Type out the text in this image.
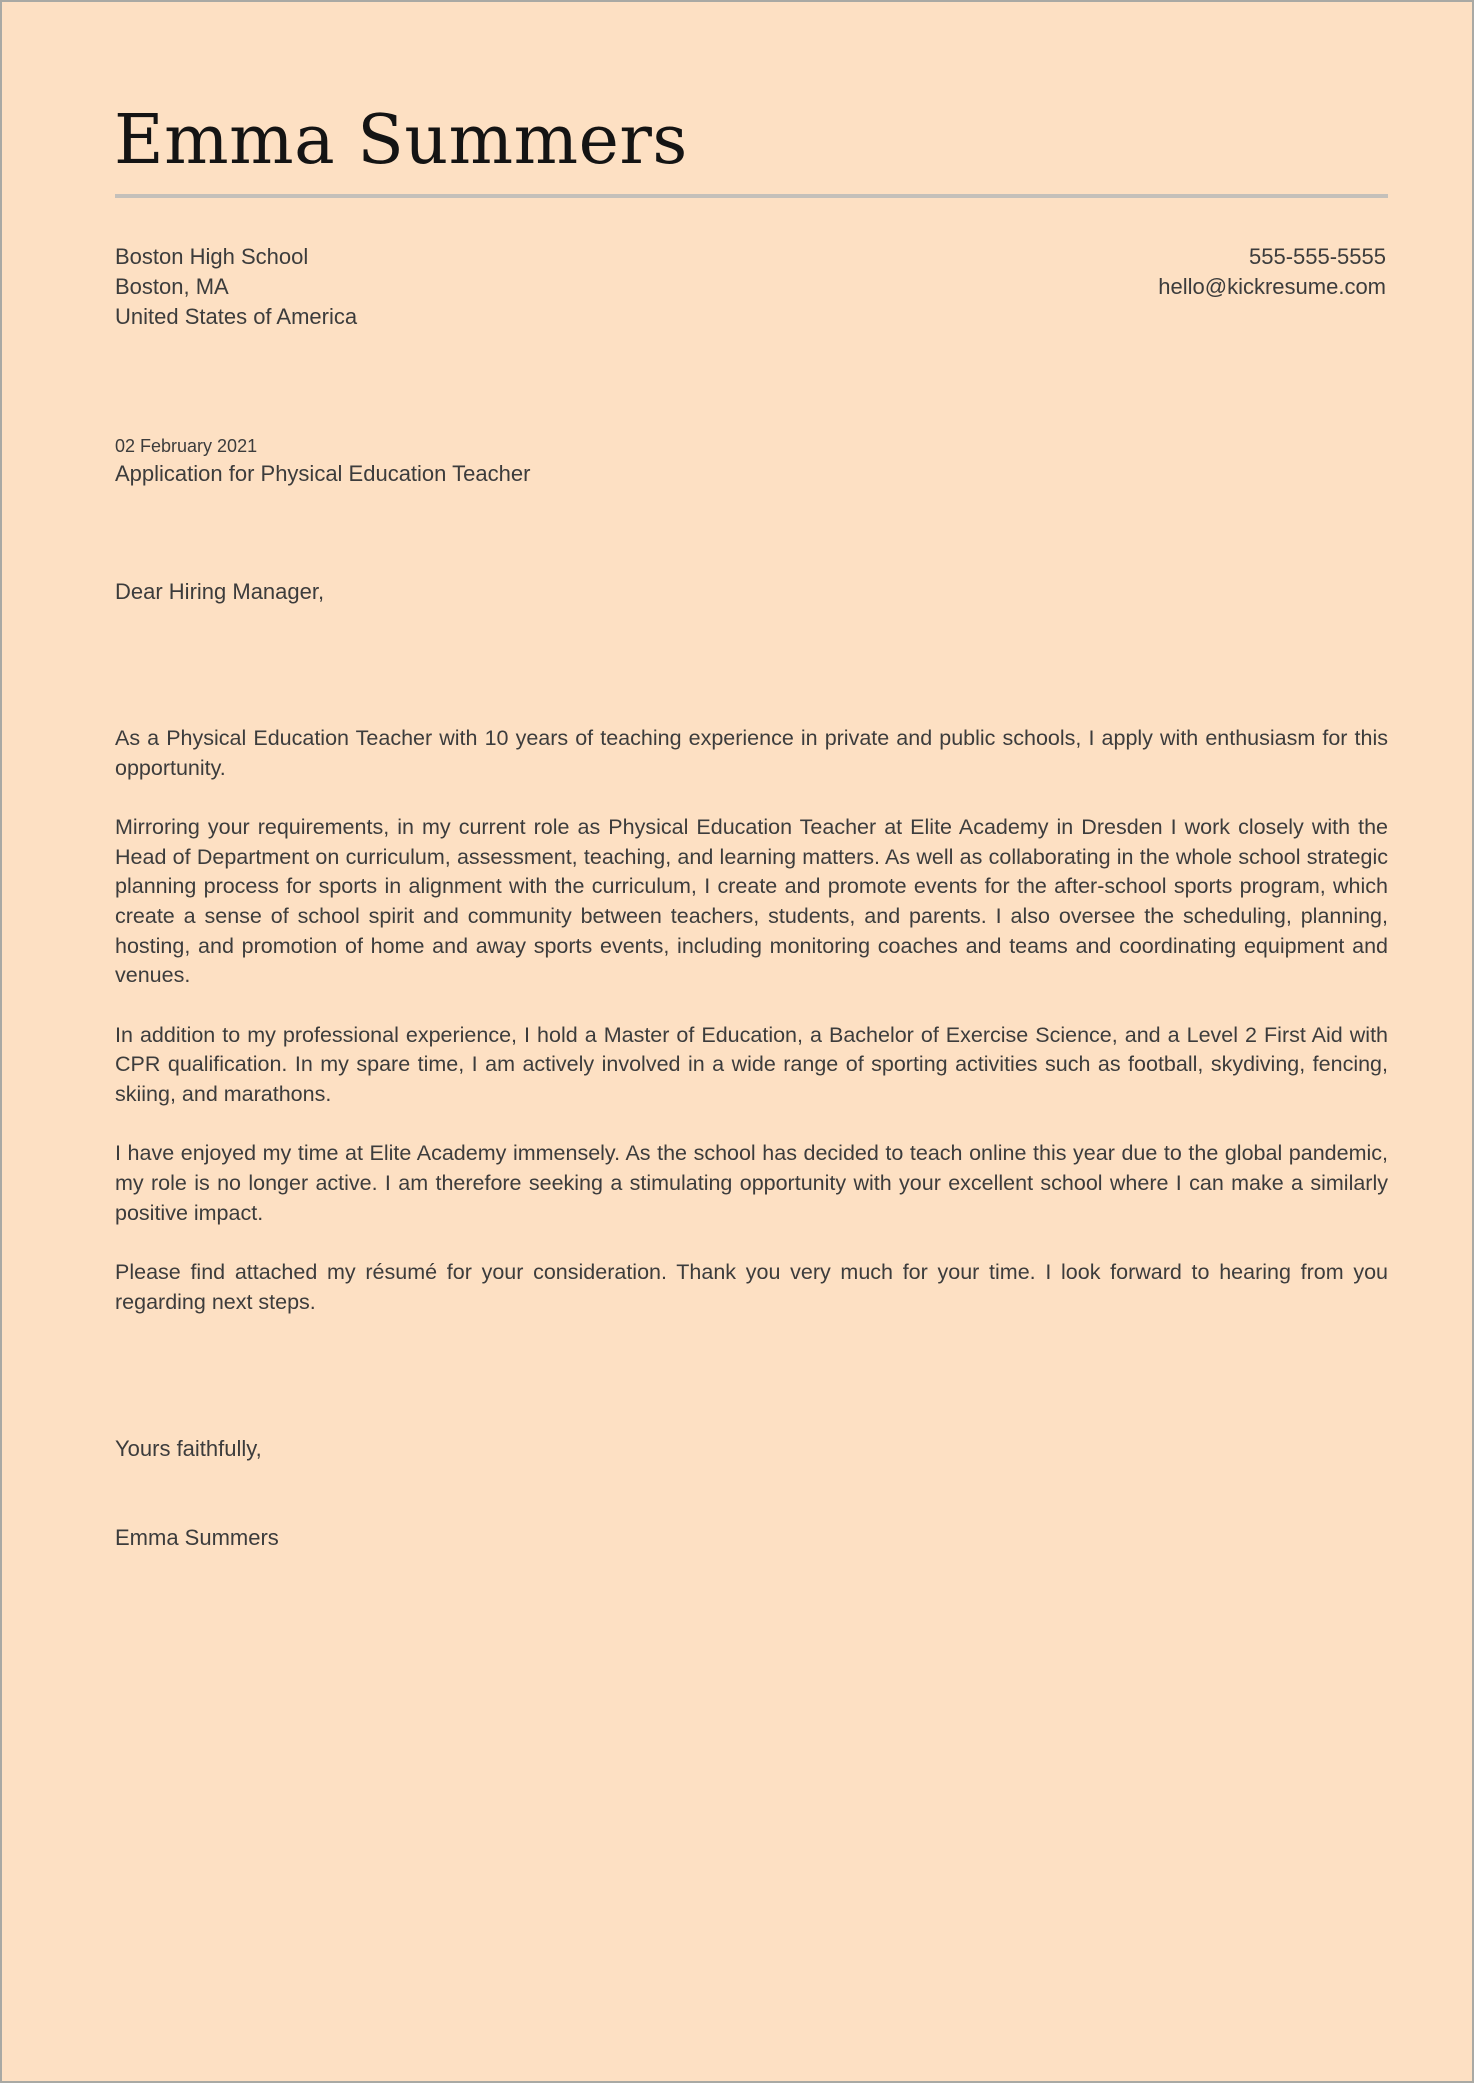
Emma Summers
Boston High School
Boston, MA
United States of America
555-555-5555
hello@kickresume.com
02 February 2021
Application for Physical Education Teacher
Dear Hiring Manager,

As a Physical Education Teacher with 10 years of teaching experience in private and public schools, I apply with enthusiasm for this opportunity.

Mirroring your requirements, in my current role as Physical Education Teacher at Elite Academy in Dresden I work closely with the Head of Department on curriculum, assessment, teaching, and learning matters. As well as collaborating in the whole school strategic planning process for sports in alignment with the curriculum, I create and promote events for the after-school sports program, which create a sense of school spirit and community between teachers, students, and parents. I also oversee the scheduling, planning, hosting, and promotion of home and away sports events, including monitoring coaches and teams and coordinating equipment and venues.

In addition to my professional experience, I hold a Master of Education, a Bachelor of Exercise Science, and a Level 2 First Aid with CPR qualification. In my spare time, I am actively involved in a wide range of sporting activities such as football, skydiving, fencing, skiing, and marathons.

I have enjoyed my time at Elite Academy immensely. As the school has decided to teach online this year due to the global pandemic, my role is no longer active. I am therefore seeking a stimulating opportunity with your excellent school where I can make a similarly positive impact.

Please find attached my résumé for your consideration. Thank you very much for your time. I look forward to hearing from you regarding next steps.

Yours faithfully,
Emma Summers
